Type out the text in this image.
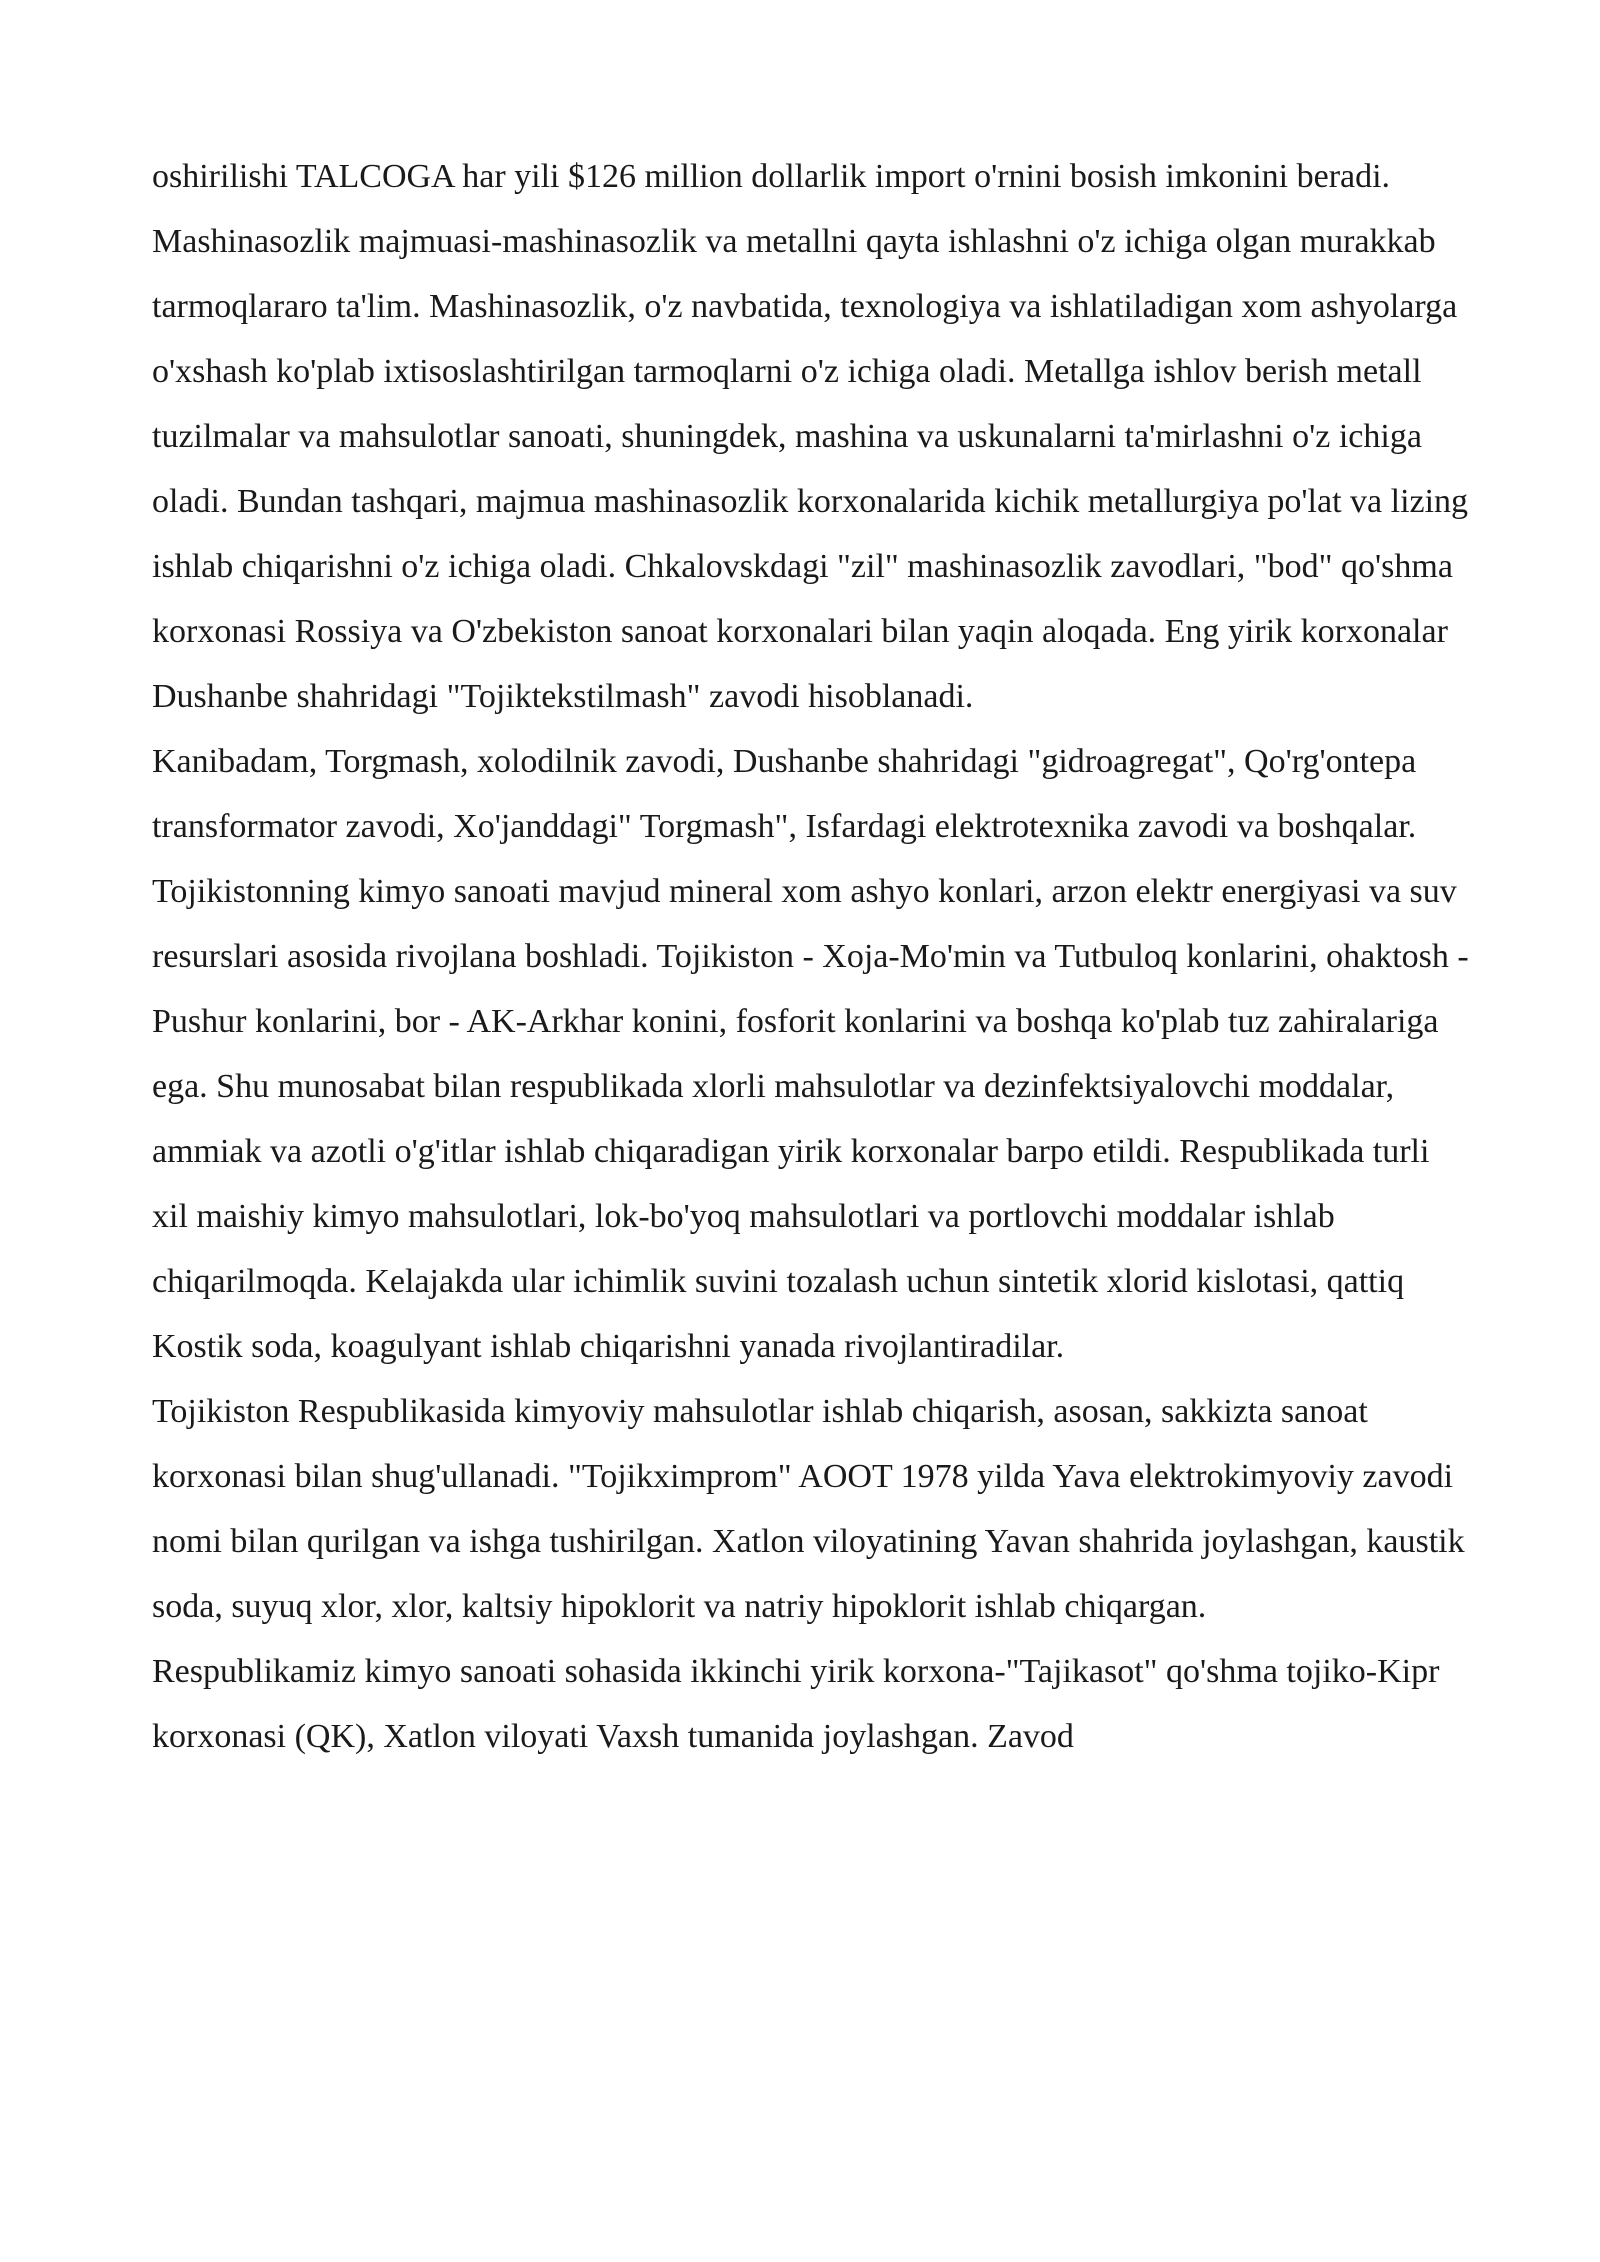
oshirilishi TALCOGA har yili $126 million dollarlik import o'rnini bosish imkonini beradi.

Mashinasozlik majmuasi-mashinasozlik va metallni qayta ishlashni o'z ichiga olgan murakkab tarmoqlararo ta'lim. Mashinasozlik, o'z navbatida, texnologiya va ishlatiladigan xom ashyolarga o'xshash ko'plab ixtisoslashtirilgan tarmoqlarni o'z ichiga oladi. Metallga ishlov berish metall tuzilmalar va mahsulotlar sanoati, shuningdek, mashina va uskunalarni ta'mirlashni o'z ichiga oladi. Bundan tashqari, majmua mashinasozlik korxonalarida kichik metallurgiya po'lat va lizing ishlab chiqarishni o'z ichiga oladi. Chkalovskdagi "zil" mashinasozlik zavodlari, "bod" qo'shma korxonasi Rossiya va O'zbekiston sanoat korxonalari bilan yaqin aloqada. Eng yirik korxonalar Dushanbe shahridagi "Tojiktekstilmash" zavodi hisoblanadi.

Kanibadam, Torgmash, xolodilnik zavodi, Dushanbe shahridagi "gidroagregat", Qo'rg'ontepa transformator zavodi, Xo'janddagi" Torgmash", Isfardagi elektrotexnika zavodi va boshqalar.

Tojikistonning kimyo sanoati mavjud mineral xom ashyo konlari, arzon elektr energiyasi va suv resurslari asosida rivojlana boshladi. Tojikiston - Xoja-Mo'min va Tutbuloq konlarini, ohaktosh - Pushur konlarini, bor - AK-Arkhar konini, fosforit konlarini va boshqa ko'plab tuz zahiralariga ega. Shu munosabat bilan respublikada xlorli mahsulotlar va dezinfektsiyalovchi moddalar, ammiak va azotli o'g'itlar ishlab chiqaradigan yirik korxonalar barpo etildi. Respublikada turli xil maishiy kimyo mahsulotlari, lok-bo'yoq mahsulotlari va portlovchi moddalar ishlab chiqarilmoqda. Kelajakda ular ichimlik suvini tozalash uchun sintetik xlorid kislotasi, qattiq Kostik soda, koagulyant ishlab chiqarishni yanada rivojlantiradilar.

Tojikiston Respublikasida kimyoviy mahsulotlar ishlab chiqarish, asosan, sakkizta sanoat korxonasi bilan shug'ullanadi. "Tojikximprom" AOOT 1978 yilda Yava elektrokimyoviy zavodi nomi bilan qurilgan va ishga tushirilgan. Xatlon viloyatining Yavan shahrida joylashgan, kaustik soda, suyuq xlor, xlor, kaltsiy hipoklorit va natriy hipoklorit ishlab chiqargan.

Respublikamiz kimyo sanoati sohasida ikkinchi yirik korxona-"Tajikasot" qo'shma tojiko-Kipr korxonasi (QK), Xatlon viloyati Vaxsh tumanida joylashgan. Zavod
